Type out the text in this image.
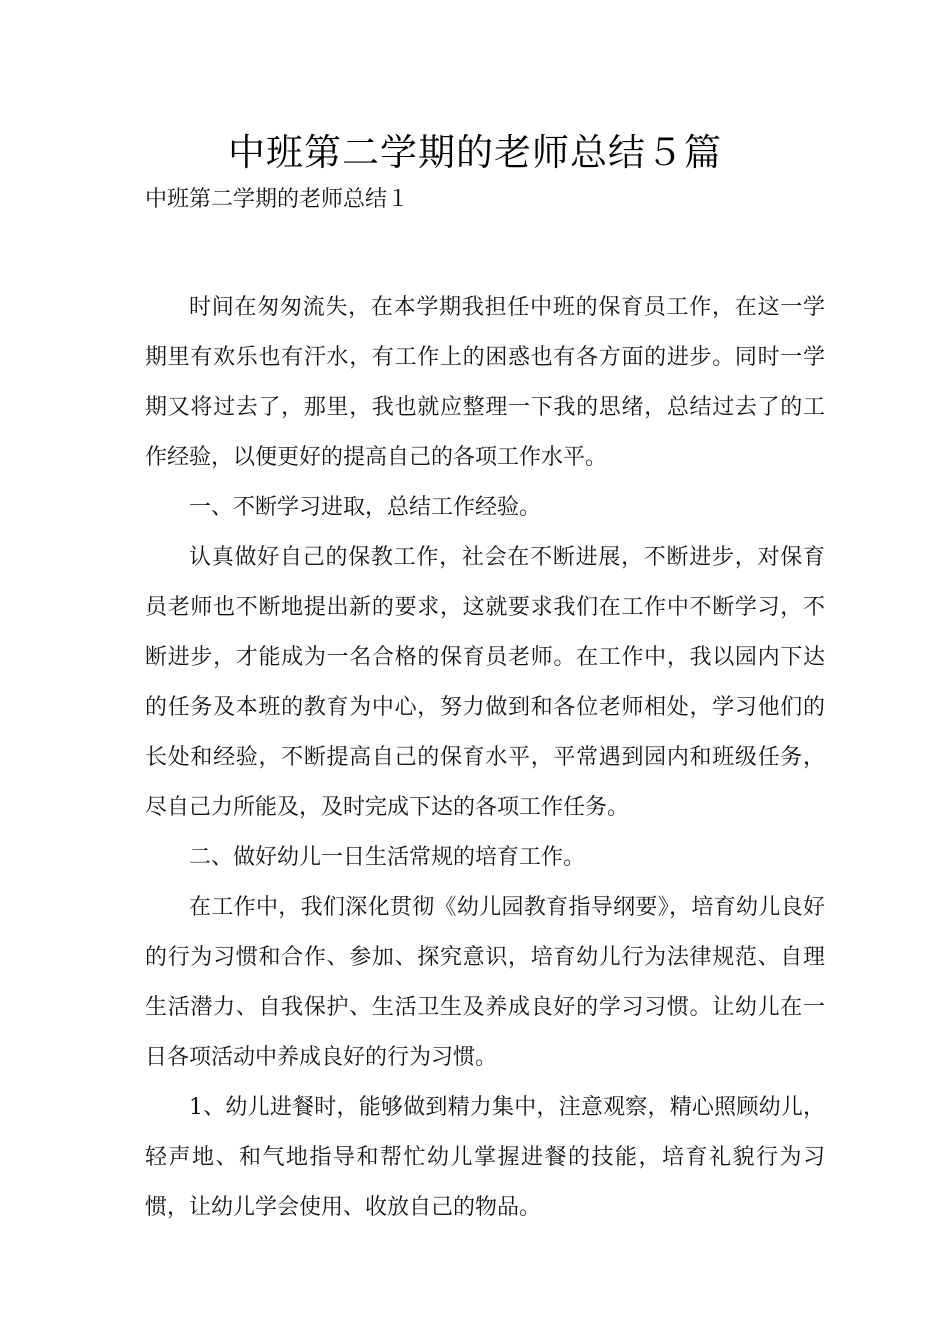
中班第二学期的老师总结５篇
中班第二学期的老师总结１

时间在匆匆流失，在本学期我担任中班的保育员工作，在这一学期里有欢乐也有汗水，有工作上的困惑也有各方面的进步。同时一学期又将过去了，那里，我也就应整理一下我的思绪，总结过去了的工作经验，以便更好的提高自己的各项工作水平。

一、不断学习进取，总结工作经验。

认真做好自己的保教工作，社会在不断进展，不断进步，对保育员老师也不断地提出新的要求，这就要求我们在工作中不断学习，不断进步，才能成为一名合格的保育员老师。在工作中，我以园内下达的任务及本班的教育为中心，努力做到和各位老师相处，学习他们的长处和经验，不断提高自己的保育水平，平常遇到园内和班级任务，尽自己力所能及，及时完成下达的各项工作任务。

二、做好幼儿一日生活常规的培育工作。

在工作中，我们深化贯彻《幼儿园教育指导纲要》，培育幼儿良好的行为习惯和合作、参加、探究意识，培育幼儿行为法律规范、自理生活潜力、自我保护、生活卫生及养成良好的学习习惯。让幼儿在一日各项活动中养成良好的行为习惯。

1、幼儿进餐时，能够做到精力集中，注意观察，精心照顾幼儿，轻声地、和气地指导和帮忙幼儿掌握进餐的技能，培育礼貌行为习惯，让幼儿学会使用、收放自己的物品。
